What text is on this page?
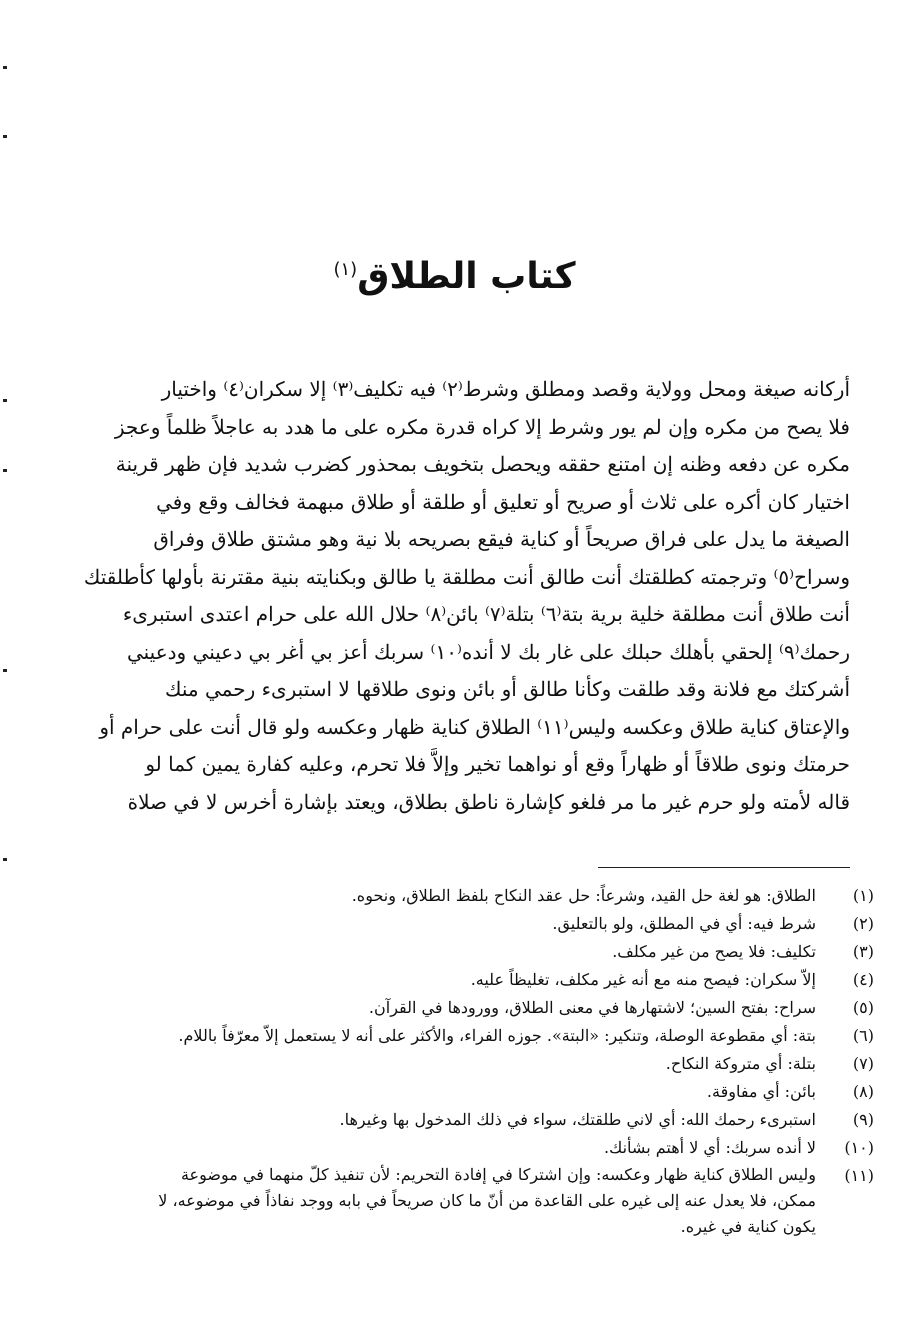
كتاب الطلاق$^{(١)}$
أركانه صيغة ومحل وولاية وقصد ومطلق وشرط⁽٢⁾ فيه تكليف⁽٣⁾ إلا سكران⁽٤⁾ واختيار
فلا يصح من مكره وإن لم يور وشرط إلا كراه قدرة مكره على ما هدد به عاجلاً ظلماً وعجز
مكره عن دفعه وظنه إن امتنع حققه ويحصل بتخويف بمحذور كضرب شديد فإن ظهر قرينة
اختيار كان أكره على ثلاث أو صريح أو تعليق أو طلقة أو طلاق مبهمة فخالف وقع وفي
الصيغة ما يدل على فراق صريحاً أو كناية فيقع بصريحه بلا نية وهو مشتق طلاق وفراق
وسراح⁽٥⁾ وترجمته كطلقتك أنت طالق أنت مطلقة يا طالق وبكنايته بنية مقترنة بأولها كأطلقتك
أنت طلاق أنت مطلقة خلية برية بتة⁽٦⁾ بتلة⁽٧⁾ بائن⁽٨⁾ حلال الله على حرام اعتدى استبرىء
رحمك⁽٩⁾ إلحقي بأهلك حبلك على غار بك لا أنده⁽١٠⁾ سربك أعز بي أغر بي دعيني ودعيني
أشركتك مع فلانة وقد طلقت وكأنا طالق أو بائن ونوى طلاقها لا استبرىء رحمي منك
والإعتاق كناية طلاق وعكسه وليس⁽١١⁾ الطلاق كناية ظهار وعكسه ولو قال أنت على حرام أو
حرمتك ونوى طلاقاً أو ظهاراً وقع أو نواهما تخير وإلاَّ فلا تحرم، وعليه كفارة يمين كما لو
قاله لأمته ولو حرم غير ما مر فلغو كإشارة ناطق بطلاق، ويعتد بإشارة أخرس لا في صلاة
(١)
الطلاق: هو لغة حل القيد، وشرعاً: حل عقد النكاح بلفظ الطلاق، ونحوه.
(٢)
شرط فيه: أي في المطلق، ولو بالتعليق.
(٣)
تكليف: فلا يصح من غير مكلف.
(٤)
إلاّ سكران: فيصح منه مع أنه غير مكلف، تغليظاً عليه.
(٥)
سراح: بفتح السين؛ لاشتهارها في معنى الطلاق، وورودها في القرآن.
(٦)
بتة: أي مقطوعة الوصلة، وتنكير: «البتة». جوزه الفراء، والأكثر على أنه لا يستعمل إلاّ معرّفاً باللام.
(٧)
بتلة: أي متروكة النكاح.
(٨)
بائن: أي مفاوقة.
(٩)
استبرىء رحمك الله: أي لاني طلقتك، سواء في ذلك المدخول بها وغيرها.
(١٠)
لا أنده سربك: أي لا أهتم بشأنك.
(١١)
وليس الطلاق كناية ظهار وعكسه: وإن اشتركا في إفادة التحريم: لأن تنفيذ كلّ منهما في موضوعة
ممكن، فلا يعدل عنه إلى غيره على القاعدة من أنّ ما كان صريحاً في بابه ووجد نفاذاً في موضوعه، لا
يكون كناية في غيره.
